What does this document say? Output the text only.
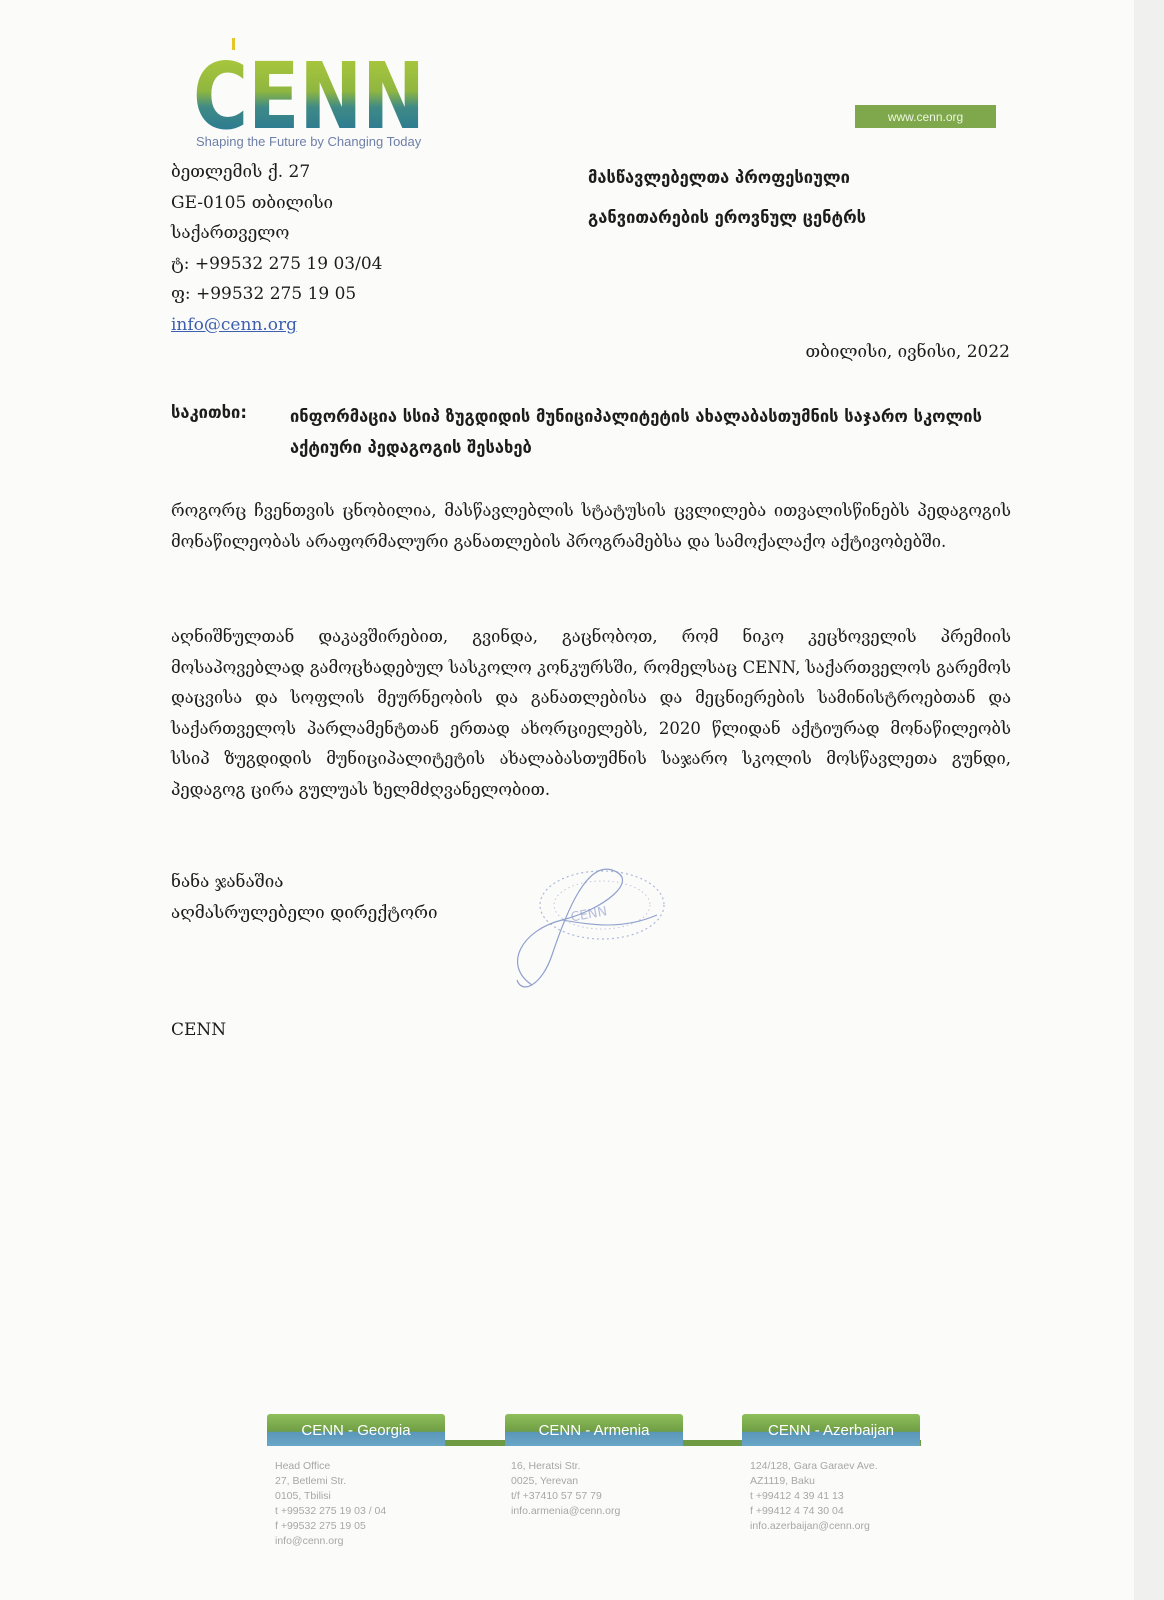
CENN
Shaping the Future by Changing Today
www.cenn.org
ბეთლემის ქ. 27
GE-0105 თბილისი
საქართველო
ტ: +99532 275 19 03/04
ფ: +99532 275 19 05
info@cenn.org
მასწავლებელთა პროფესიული
განვითარების ეროვნულ ცენტრს
თბილისი, ივნისი, 2022
საკითხი:	ინფორმაცია სსიპ ზუგდიდის მუნიციპალიტეტის ახალაბასთუმნის საჯარო სკოლის აქტიური პედაგოგის შესახებ
როგორც ჩვენთვის ცნობილია, მასწავლებლის სტატუსის ცვლილება ითვალისწინებს პედაგოგის მონაწილეობას არაფორმალური განათლების პროგრამებსა და სამოქალაქო აქტივობებში.
აღნიშნულთან დაკავშირებით, გვინდა, გაცნობოთ, რომ ნიკო კეცხოველის პრემიის მოსაპოვებლად გამოცხადებულ სასკოლო კონკურსში, რომელსაც CENN, საქართველოს გარემოს დაცვისა და სოფლის მეურნეობის და განათლებისა და მეცნიერების სამინისტროებთან და საქართველოს პარლამენტთან ერთად ახორციელებს, 2020 წლიდან აქტიურად მონაწილეობს სსიპ ზუგდიდის მუნიციპალიტეტის ახალაბასთუმნის საჯარო სკოლის მოსწავლეთა გუნდი, პედაგოგ ცირა გულუას ხელმძღვანელობით.
ნანა ჯანაშია
აღმასრულებელი დირექტორი	CENN
CENN
CENN - Georgia	CENN - Armenia	CENN - Azerbaijan
Head Office
27, Betlemi Str.
0105, Tbilisi
t +99532 275 19 03 / 04
f +99532 275 19 05
info@cenn.org
16, Heratsi Str.
0025, Yerevan
t/f +37410 57 57 79
info.armenia@cenn.org
124/128, Gara Garaev Ave.
AZ1119, Baku
t +99412 4 39 41 13
f +99412 4 74 30 04
info.azerbaijan@cenn.org
